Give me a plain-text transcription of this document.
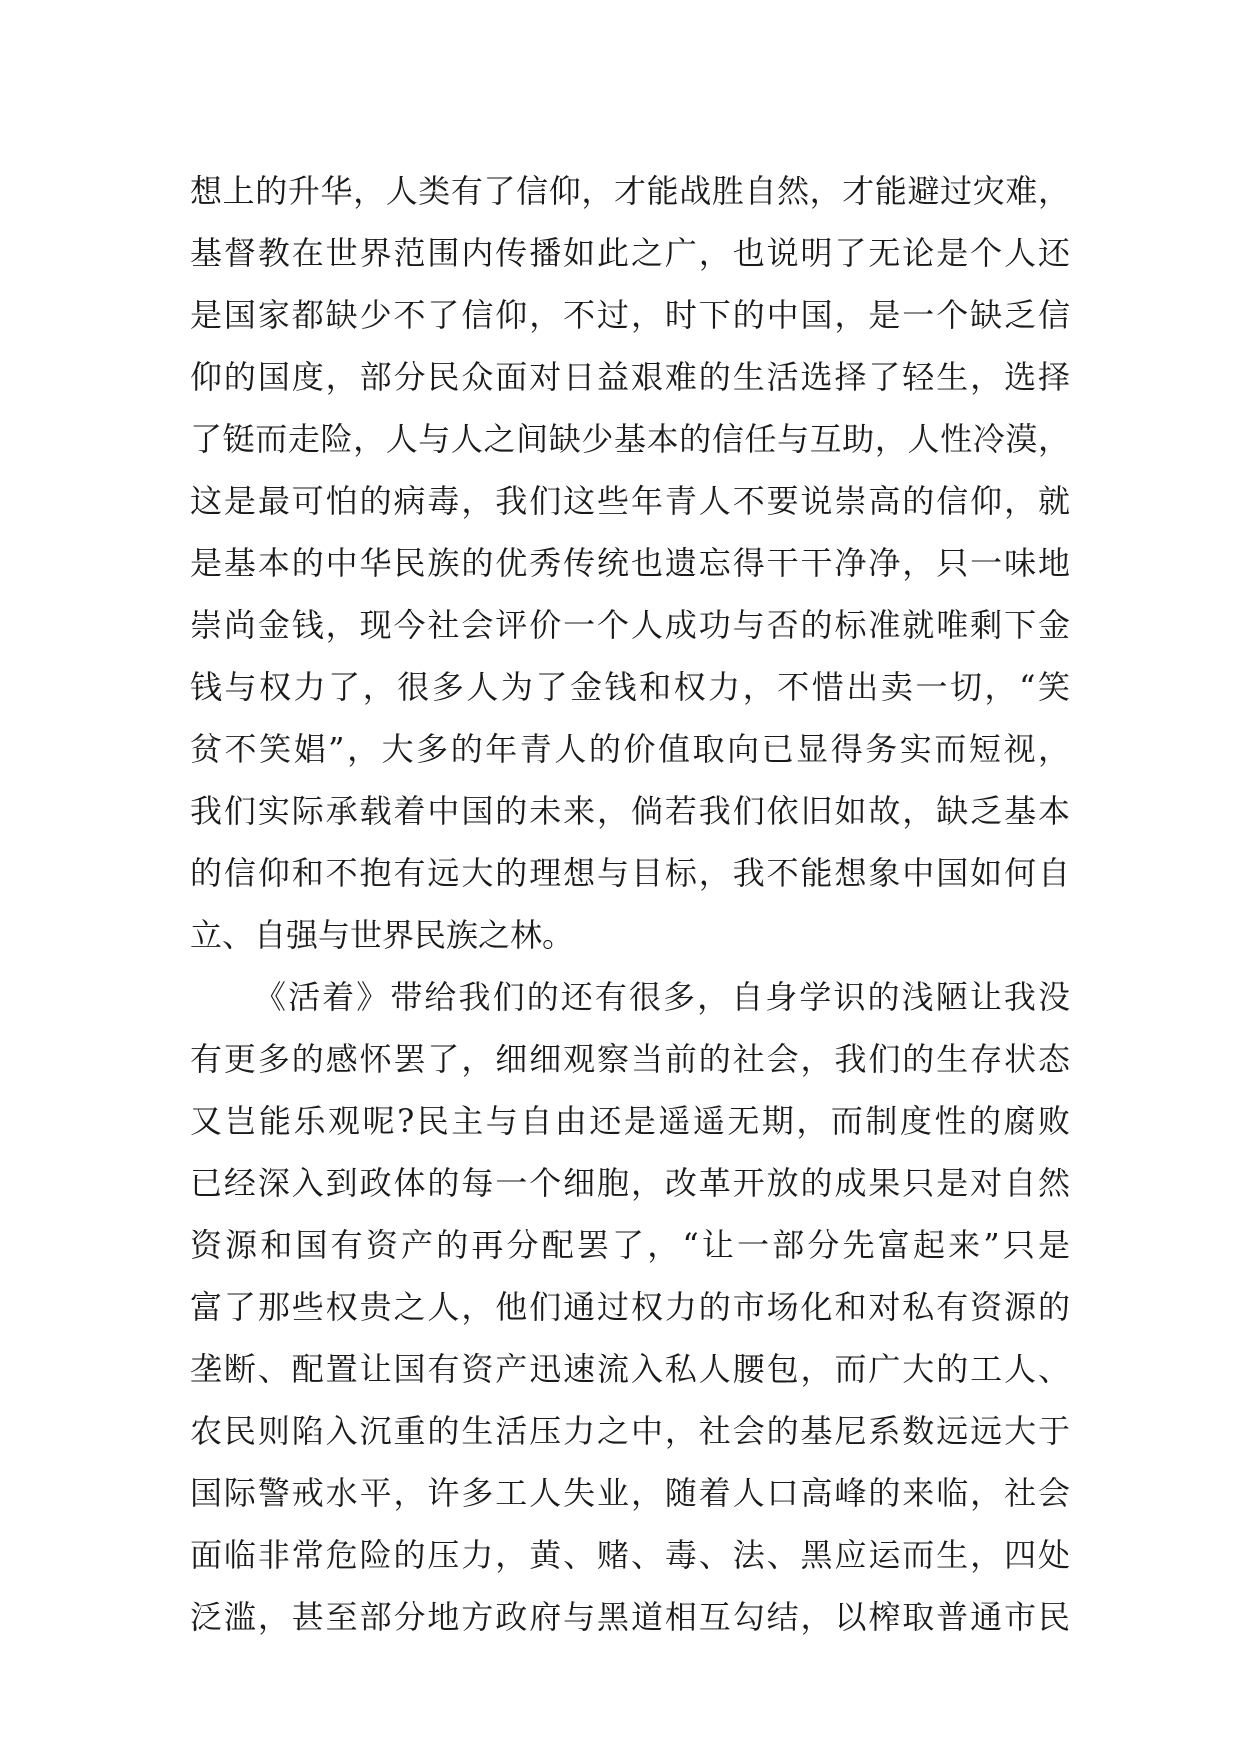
想上的升华，人类有了信仰，才能战胜自然，才能避过灾难，
基督教在世界范围内传播如此之广，也说明了无论是个人还
是国家都缺少不了信仰，不过，时下的中国，是一个缺乏信
仰的国度，部分民众面对日益艰难的生活选择了轻生，选择
了铤而走险，人与人之间缺少基本的信任与互助，人性冷漠，
这是最可怕的病毒，我们这些年青人不要说崇高的信仰，就
是基本的中华民族的优秀传统也遗忘得干干净净，只一味地
崇尚金钱，现今社会评价一个人成功与否的标准就唯剩下金
钱与权力了，很多人为了金钱和权力，不惜出卖一切，“笑
贫不笑娼”，大多的年青人的价值取向已显得务实而短视，
我们实际承载着中国的未来，倘若我们依旧如故，缺乏基本
的信仰和不抱有远大的理想与目标，我不能想象中国如何自
立、自强与世界民族之林。
《活着》带给我们的还有很多，自身学识的浅陋让我没
有更多的感怀罢了，细细观察当前的社会，我们的生存状态
又岂能乐观呢?民主与自由还是遥遥无期，而制度性的腐败
已经深入到政体的每一个细胞，改革开放的成果只是对自然
资源和国有资产的再分配罢了，“让一部分先富起来”只是
富了那些权贵之人，他们通过权力的市场化和对私有资源的
垄断、配置让国有资产迅速流入私人腰包，而广大的工人、
农民则陷入沉重的生活压力之中，社会的基尼系数远远大于
国际警戒水平，许多工人失业，随着人口高峰的来临，社会
面临非常危险的压力，黄、赌、毒、法、黑应运而生，四处
泛滥，甚至部分地方政府与黑道相互勾结，以榨取普通市民
